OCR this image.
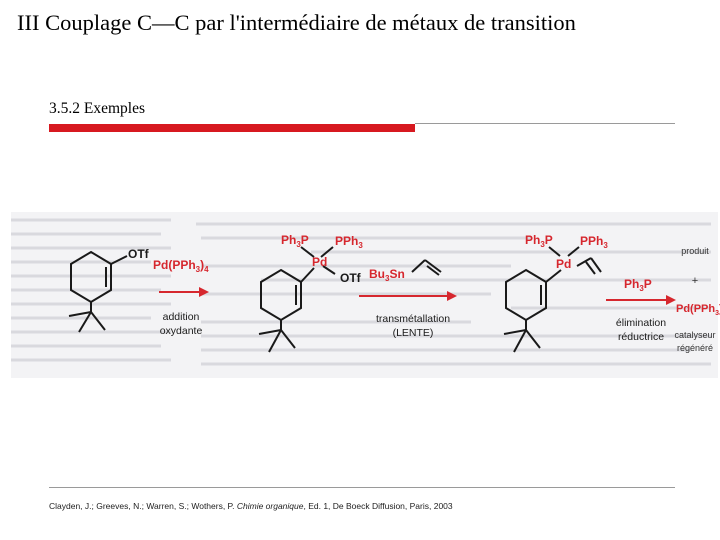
III Couplage C—C par l'intermédiaire de métaux de transition
3.5.2 Exemples
OTf
$Pd(PPh_3)_4$
addition
oxydante
$Ph_3P$ PPh$_3$
Pd
OTf $Bu_3Sn$
transmétallation
(LENTE)
$Ph_3P$ PPh$_3$
Pd
$Ph_3P$
élimination
réductrice
produit
+
Pd(PPh$_3$
catalyseur
régénéré
Clayden, J.; Greeves, N.; Warren, S.; Wothers, P. Chimie organique, Ed. 1, De Boeck Diffusion, Paris, 2003
